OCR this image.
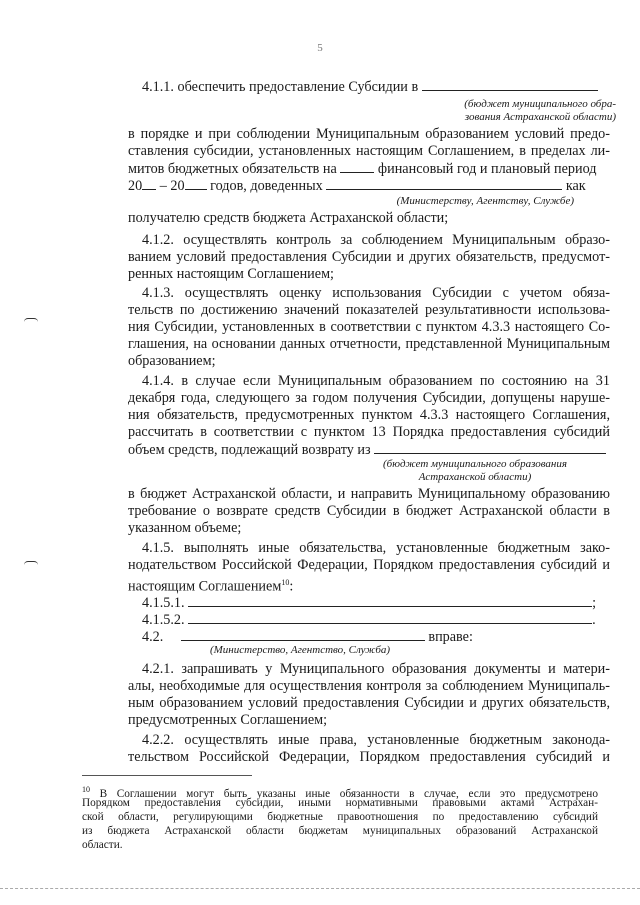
5
4.1.1. обеспечить предоставление Субсидии в
(бюджет муниципального обра-
зования Астраханской области)
в порядке и при соблюдении Муниципальным образованием условий предо-
ставления субсидии, установленных настоящим Соглашением, в пределах ли-
митов бюджетных обязательств на	финансовый год и плановый период
20 – 20 годов, доведенных	как
(Министерству, Агентству, Службе)
получателю средств бюджета Астраханской области;
4.1.2. осуществлять контроль за соблюдением Муниципальным образо-
ванием условий предоставления Субсидии и других обязательств, предусмот-
ренных настоящим Соглашением;
4.1.3. осуществлять оценку использования Субсидии с учетом обяза-
тельств по достижению значений показателей результативности использова-
ния Субсидии, установленных в соответствии с пунктом 4.3.3 настоящего Со-
глашения, на основании данных отчетности, представленной Муниципальным
образованием;
4.1.4. в случае если Муниципальным образованием по состоянию на 31
декабря года, следующего за годом получения Субсидии, допущены наруше-
ния обязательств, предусмотренных пунктом 4.3.3 настоящего Соглашения,
рассчитать в соответствии с пунктом 13 Порядка предоставления субсидий
объем средств, подлежащий возврату из
(бюджет муниципального образования
Астраханской области)
в бюджет Астраханской области, и направить Муниципальному образованию
требование о возврате средств Субсидии в бюджет Астраханской области в
указанном объеме;
4.1.5. выполнять иные обязательства, установленные бюджетным зако-
нодательством Российской Федерации, Порядком предоставления субсидий и
настоящим Соглашением$^{10}$:
4.1.5.1.	;
4.1.5.2.	.
4.2.	вправе:
(Министерство, Агентство, Служба)
4.2.1. запрашивать у Муниципального образования документы и матери-
алы, необходимые для осуществления контроля за соблюдением Муниципаль-
ным образованием условий предоставления Субсидии и других обязательств,
предусмотренных Соглашением;
4.2.2. осуществлять иные права, установленные бюджетным законода-
тельством Российской Федерации, Порядком предоставления субсидий и
$^{10}$ В Соглашении могут быть указаны иные обязанности в случае, если это предусмотрено
Порядком предоставления субсидии, иными нормативными правовыми актами Астрахан-
ской области, регулирующими бюджетные правоотношения по предоставлению субсидий
из бюджета Астраханской области бюджетам муниципальных образований Астраханской
области.
